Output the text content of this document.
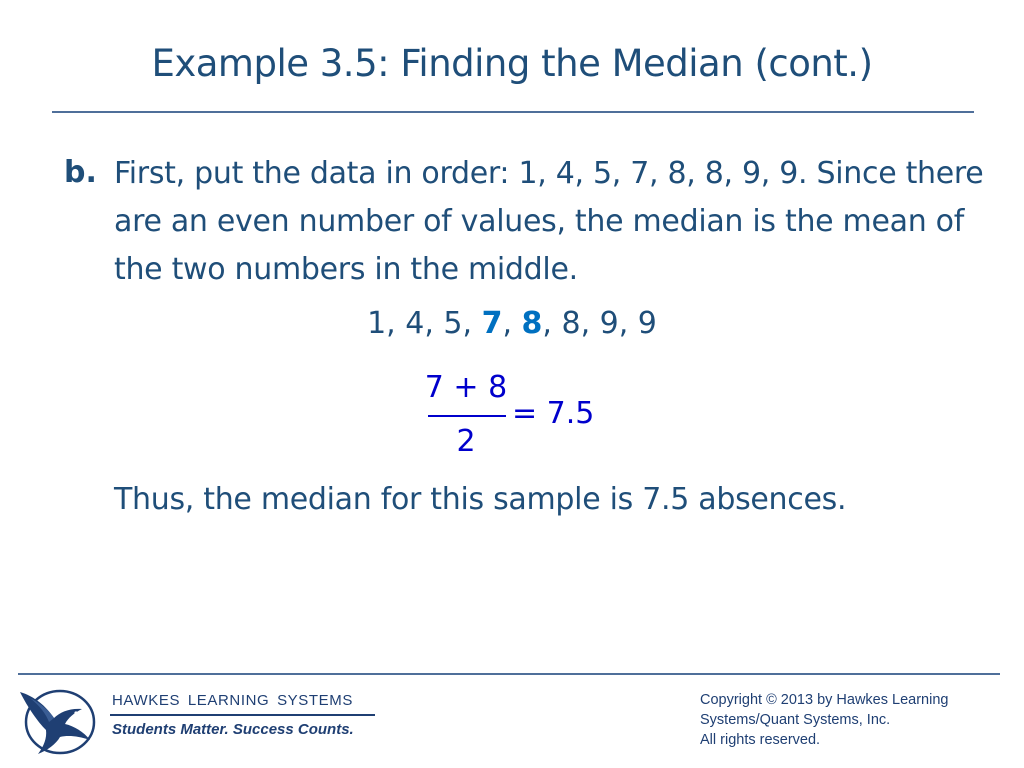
Example 3.5: Finding the Median (cont.)
b. First, put the data in order: 1, 4, 5, 7, 8, 8, 9, 9. Since there are an even number of values, the median is the mean of the two numbers in the middle.
1, 4, 5, 7, 8, 8, 9, 9
7 + 8
2
= 7.5
Thus, the median for this sample is 7.5 absences.
HAWKES LEARNING SYSTEMS
Students Matter. Success Counts.
Copyright © 2013 by Hawkes Learning
Systems/Quant Systems, Inc.
All rights reserved.
